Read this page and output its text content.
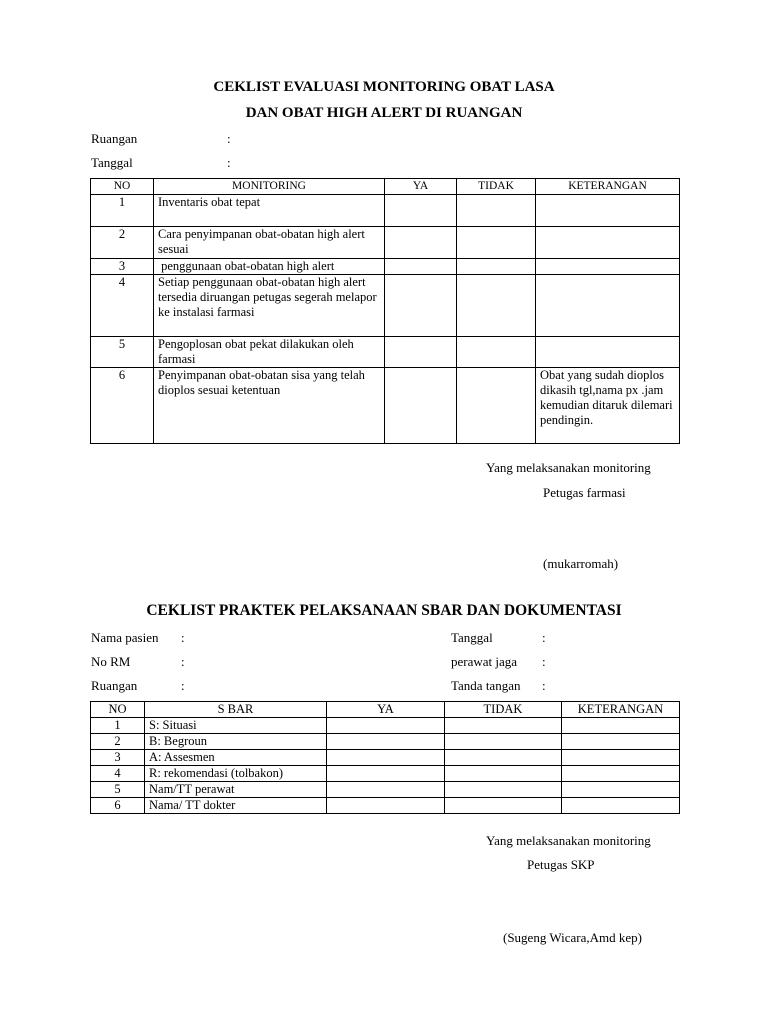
CEKLIST EVALUASI MONITORING OBAT LASA
DAN OBAT HIGH ALERT DI RUANGAN
Ruangan	:
Tanggal	:
NO	MONITORING	YA	TIDAK	KETERANGAN
1	Inventaris obat tepat			
2	Cara penyimpanan obat-obatan high alert sesuai			
3	penggunaan obat-obatan high alert			
4	Setiap penggunaan obat-obatan high alert tersedia diruangan petugas segerah melapor ke instalasi farmasi			
5	Pengoplosan obat pekat dilakukan oleh farmasi			
6	Penyimpanan obat-obatan sisa yang telah dioplos sesuai ketentuan			Obat yang sudah dioplos dikasih tgl,nama px .jam kemudian ditaruk dilemari pendingin.
Yang melaksanakan monitoring
Petugas farmasi
(mukarromah)
CEKLIST PRAKTEK PELAKSANAAN SBAR DAN DOKUMENTASI
Nama pasien :
No RM	:
Ruangan	:
Tanggal	:
perawat jaga :
Tanda tangan :
NO	S BAR	YA	TIDAK	KETERANGAN
1	S: Situasi			
2	B: Begroun			
3	A: Assesmen			
4	R: rekomendasi (tolbakon)			
5	Nam/TT perawat			
6	Nama/ TT dokter			
Yang melaksanakan monitoring
Petugas SKP
(Sugeng Wicara,Amd kep)
